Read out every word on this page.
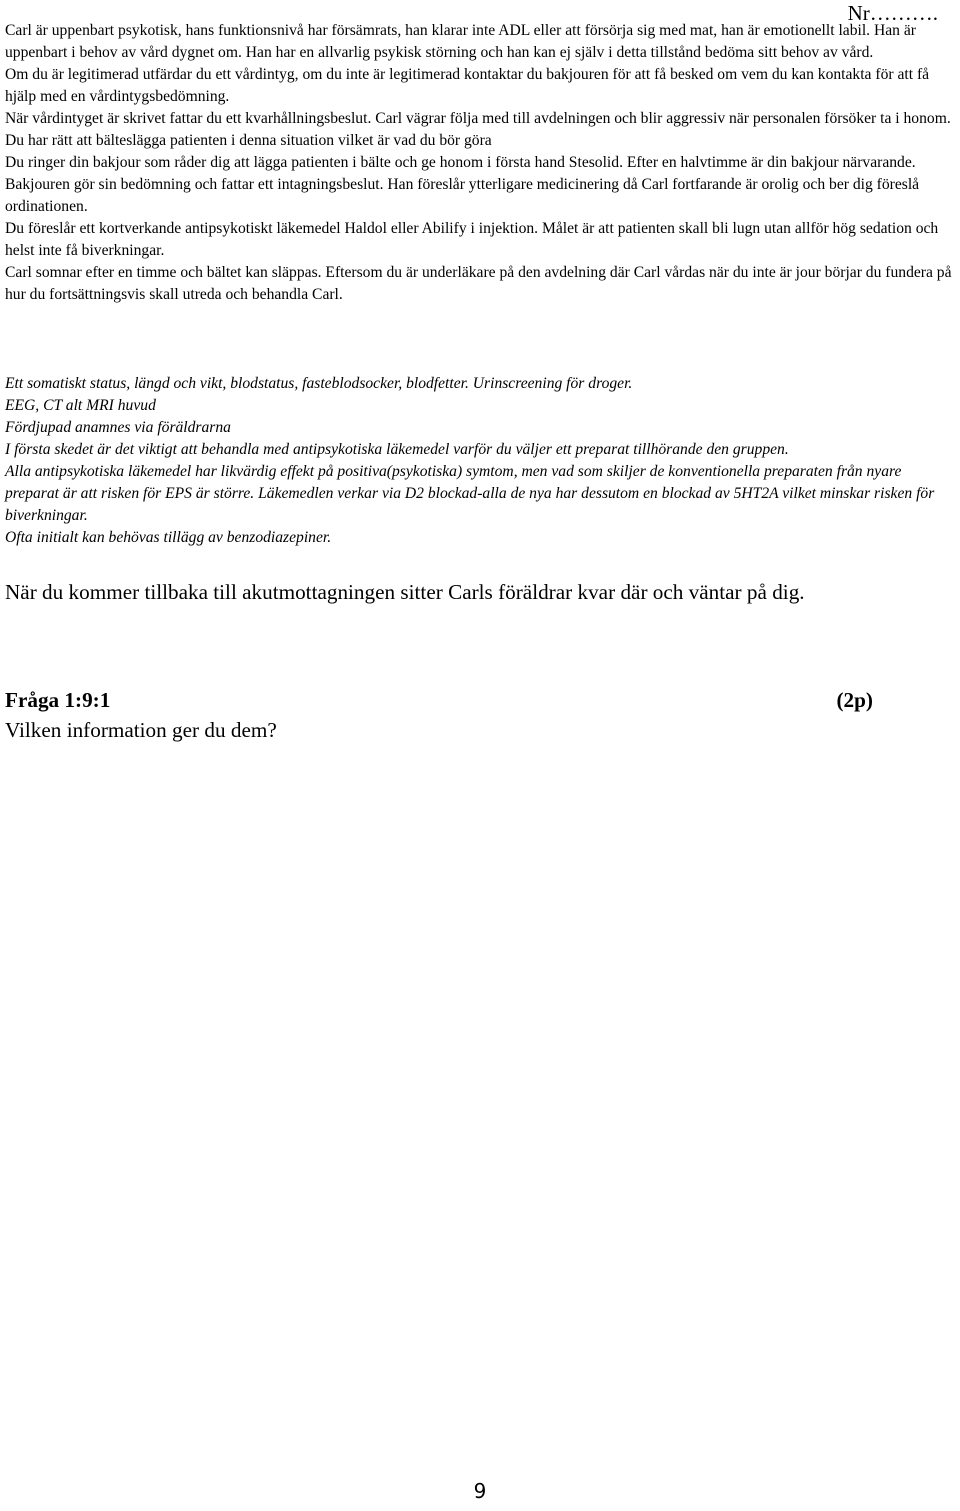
Nr……….

Carl är uppenbart psykotisk, hans funktionsnivå har försämrats, han klarar inte ADL eller att försörja sig med mat, han är emotionellt labil. Han är uppenbart i behov av vård dygnet om. Han har en allvarlig psykisk störning och han kan ej själv i detta tillstånd bedöma sitt behov av vård.

Om du är legitimerad utfärdar du ett vårdintyg, om du inte är legitimerad kontaktar du bakjouren för att få besked om vem du kan kontakta för att få hjälp med en vårdintygsbedömning.

När vårdintyget är skrivet fattar du ett kvarhållningsbeslut. Carl vägrar följa med till avdelningen och blir aggressiv när personalen försöker ta i honom.

Du har rätt att bälteslägga patienten i denna situation vilket är vad du bör göra

Du ringer din bakjour som råder dig att lägga patienten i bälte och ge honom i första hand Stesolid. Efter en halvtimme är din bakjour närvarande. Bakjouren gör sin bedömning och fattar ett intagningsbeslut. Han föreslår ytterligare medicinering då Carl fortfarande är orolig och ber dig föreslå ordinationen.

Du föreslår ett kortverkande antipsykotiskt läkemedel Haldol eller Abilify i injektion. Målet är att patienten skall bli lugn utan allför hög sedation och helst inte få biverkningar.

Carl somnar efter en timme och bältet kan släppas. Eftersom du är underläkare på den avdelning där Carl vårdas när du inte är jour börjar du fundera på hur du fortsättningsvis skall utreda och behandla Carl.

Ett somatiskt status, längd och vikt, blodstatus, fasteblodsocker, blodfetter. Urinscreening för droger.

EEG, CT alt MRI huvud

Fördjupad anamnes via föräldrarna

I första skedet är det viktigt att behandla med antipsykotiska läkemedel varför du väljer ett preparat tillhörande den gruppen.

Alla antipsykotiska läkemedel har likvärdig effekt på positiva(psykotiska) symtom, men vad som skiljer de konventionella preparaten från nyare preparat är att risken för EPS är större. Läkemedlen verkar via D2 blockad-alla de nya har dessutom en blockad av 5HT2A vilket minskar risken för biverkningar.

Ofta initialt kan behövas tillägg av benzodiazepiner.

När du kommer tillbaka till akutmottagningen sitter Carls föräldrar kvar där och väntar på dig.
Fråga 1:9:1	(2p)
Vilken information ger du dem?
9
